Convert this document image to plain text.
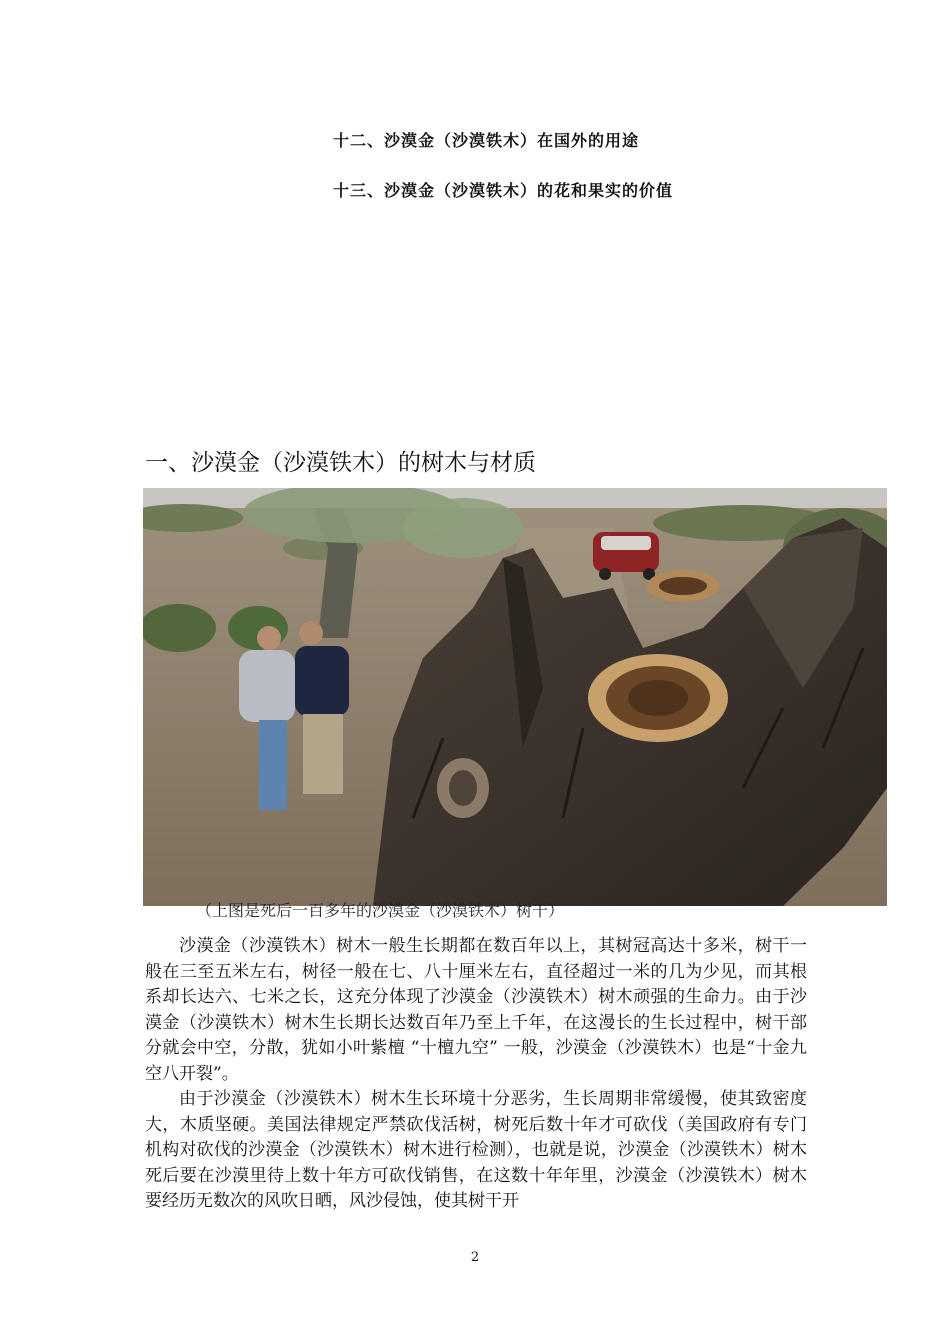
十二、沙漠金（沙漠铁木）在国外的用途
十三、沙漠金（沙漠铁木）的花和果实的价值
一、沙漠金（沙漠铁木）的树木与材质
（上图是死后一百多年的沙漠金（沙漠铁木）树干）

沙漠金（沙漠铁木）树木一般生长期都在数百年以上，其树冠高达十多米，树干一般在三至五米左右，树径一般在七、八十厘米左右，直径超过一米的几为少见，而其根系却长达六、七米之长，这充分体现了沙漠金（沙漠铁木）树木顽强的生命力。由于沙漠金（沙漠铁木）树木生长期长达数百年乃至上千年，在这漫长的生长过程中，树干部分就会中空，分散，犹如小叶紫檀 “十檀九空” 一般，沙漠金（沙漠铁木）也是“十金九空八开裂”。

由于沙漠金（沙漠铁木）树木生长环境十分恶劣，生长周期非常缓慢，使其致密度大，木质坚硬。美国法律规定严禁砍伐活树，树死后数十年才可砍伐（美国政府有专门机构对砍伐的沙漠金（沙漠铁木）树木进行检测），也就是说，沙漠金（沙漠铁木）树木死后要在沙漠里待上数十年方可砍伐销售，在这数十年年里，沙漠金（沙漠铁木）树木要经历无数次的风吹日晒，风沙侵蚀，使其树干开

2
